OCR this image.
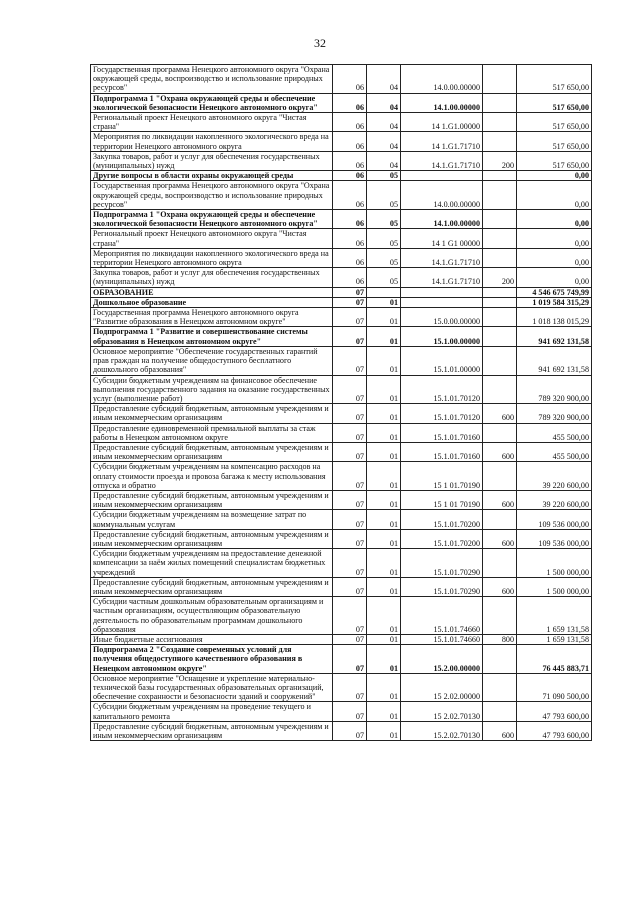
32
Государственная программа Ненецкого автономного округа "Охрана окружающей среды, воспроизводство и использование природных ресурсов"	06	04	14.0.00.00000		517 650,00
Подпрограмма 1 "Охрана окружающей среды и обеспечение экологической безопасности Ненецкого автономного округа"	06	04	14.1.00.00000		517 650,00
Региональный проект Ненецкого автономного округа "Чистая страна"	06	04	14 1.G1.00000		517 650,00
Мероприятия по ликвидации накопленного экологического вреда на территории Ненецкого автономного округа	06	04	14 1.G1.71710		517 650,00
Закупка товаров, работ и услуг для обеспечения государственных (муниципальных) нужд	06	04	14.1.G1.71710	200	517 650,00
Другие вопросы в области охраны окружающей среды	06	05			0,00
Государственная программа Ненецкого автономного округа "Охрана окружающей среды, воспроизводство и использование природных ресурсов"	06	05	14.0.00.00000		0,00
Подпрограмма 1 "Охрана окружающей среды и обеспечение экологической безопасности Ненецкого автономного округа"	06	05	14.1.00.00000		0,00
Региональный проект Ненецкого автономного округа "Чистая страна"	06	05	14 1 G1 00000		0,00
Мероприятия по ликвидации накопленного экологического вреда на территории Ненецкого автономного округа	06	05	14.1.G1.71710		0,00
Закупка товаров, работ и услуг для обеспечения государственных (муниципальных) нужд	06	05	14.1.G1.71710	200	0,00
ОБРАЗОВАНИЕ	07				4 546 675 749,99
Дошкольное образование	07	01			1 019 584 315,29
Государственная программа Ненецкого автономного округа "Развитие образования в Ненецком автономном округе"	07	01	15.0.00.00000		1 018 138 015,29
Подпрограмма 1 "Развитие и совершенствование системы образования в Ненецком автономном округе"	07	01	15.1.00.00000		941 692 131,58
Основное мероприятие "Обеспечение государственных гарантий прав граждан на получение общедоступного бесплатного дошкольного образования"	07	01	15.1.01.00000		941 692 131,58
Субсидии бюджетным учреждениям на финансовое обеспечение выполнения государственного задания на оказание государственных услуг (выполнение работ)	07	01	15.1.01.70120		789 320 900,00
Предоставление субсидий бюджетным, автономным учреждениям и иным некоммерческим организациям	07	01	15.1.01.70120	600	789 320 900,00
Предоставление единовременной премиальной выплаты за стаж работы в Ненецком автономном округе	07	01	15.1.01.70160		455 500,00
Предоставление субсидий бюджетным, автономным учреждениям и иным некоммерческим организациям	07	01	15.1.01.70160	600	455 500,00
Субсидии бюджетным учреждениям на компенсацию расходов на оплату стоимости проезда и провоза багажа к месту использования отпуска и обратно	07	01	15 1 01.70190		39 220 600,00
Предоставление субсидий бюджетным, автономным учреждениям и иным некоммерческим организациям	07	01	15 1 01 70190	600	39 220 600,00
Субсидии бюджетным учреждениям на возмещение затрат по коммунальным услугам	07	01	15.1.01.70200		109 536 000,00
Предоставление субсидий бюджетным, автономным учреждениям и иным некоммерческим организациям	07	01	15.1.01.70200	600	109 536 000,00
Субсидии бюджетным учреждениям на предоставление денежной компенсации за наём жилых помещений специалистам бюджетных учреждений	07	01	15.1.01.70290		1 500 000,00
Предоставление субсидий бюджетным, автономным учреждениям и иным некоммерческим организациям	07	01	15.1.01.70290	600	1 500 000,00
Субсидии частным дошкольным образовательным организациям и частным организациям, осуществляющим образовательную деятельность по образовательным программам дошкольного образования	07	01	15.1.01.74660		1 659 131,58
Иные бюджетные ассигнования	07	01	15.1.01.74660	800	1 659 131,58
Подпрограмма 2 "Создание современных условий для получения общедоступного качественного образования в Ненецком автономном округе"	07	01	15.2.00.00000		76 445 883,71
Основное мероприятие "Оснащение и укрепление материально-технической базы государственных образовательных организаций, обеспечение сохранности и безопасности зданий и сооружений"	07	01	15 2.02.00000		71 090 500,00
Субсидии бюджетным учреждениям на проведение текущего и капитального ремонта	07	01	15 2.02.70130		47 793 600,00
Предоставление субсидий бюджетным, автономным учреждениям и иным некоммерческим организациям	07	01	15.2.02.70130	600	47 793 600,00
